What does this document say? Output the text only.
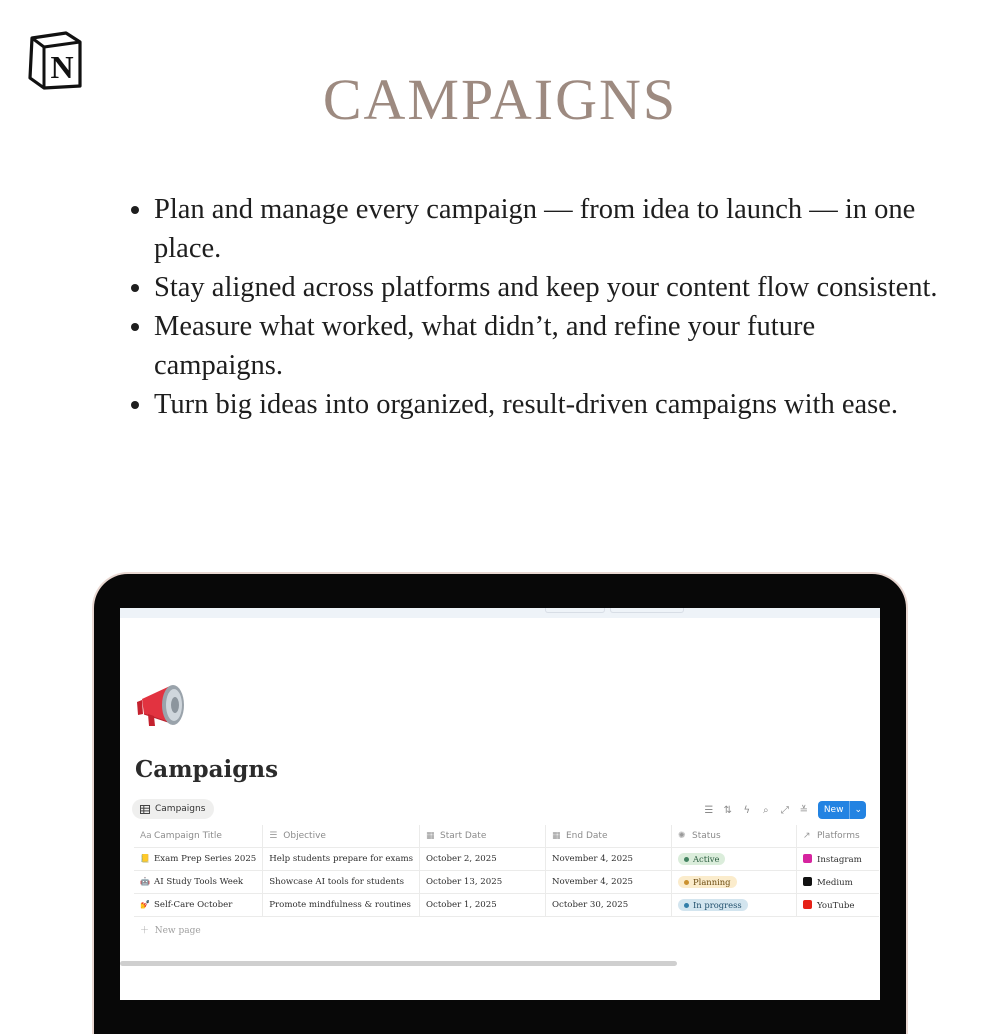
N	CAMPAIGNS
• Plan and manage every campaign — from idea to launch — in one place.
• Stay aligned across platforms and keep your content flow consistent.
• Measure what worked, what didn’t, and refine your future campaigns.
• Turn big ideas into organized, result-driven campaigns with ease.
Campaigns
Campaigns	☰ ⇅ ϟ ⌕ ⤢ ≚	New	⌄
Aa Campaign Title	☰ Objective	▦ Start Date	▦ End Date	✺ Status	↗ Platforms
📒 Exam Prep Series 2025	Help students prepare for exams	October 2, 2025	November 4, 2025	Active	Instagram
🤖 AI Study Tools Week	Showcase AI tools for students	October 13, 2025	November 4, 2025	Planning	Medium
💅 Self-Care October	Promote mindfulness & routines	October 1, 2025	October 30, 2025	In progress	YouTube
＋  New page
